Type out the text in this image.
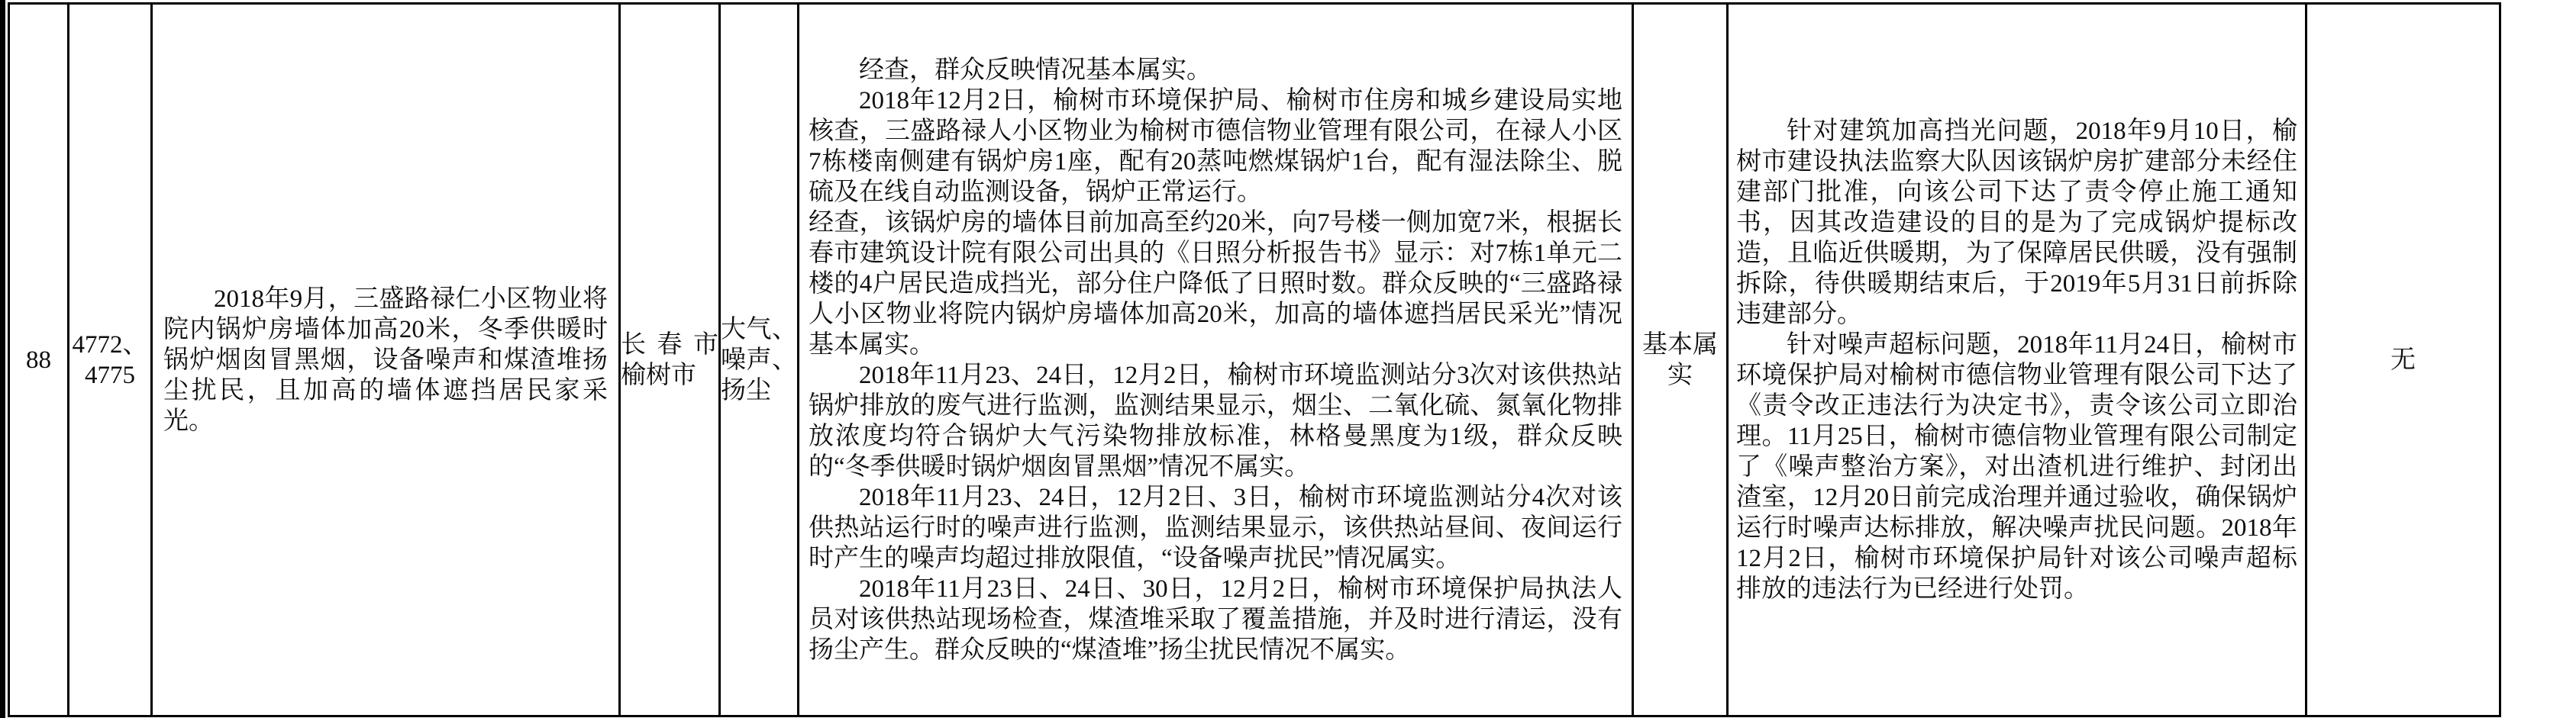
88
4772、4775

2018年9月，三盛路禄仁小区物业将院内锅炉房墙体加高20米，冬季供暖时锅炉烟囱冒黑烟，设备噪声和煤渣堆扬尘扰民，且加高的墙体遮挡居民家采光。

长春市榆树市
大气、噪声、扬尘

经查，群众反映情况基本属实。

2018年12月2日，榆树市环境保护局、榆树市住房和城乡建设局实地核查，三盛路禄人小区物业为榆树市德信物业管理有限公司，在禄人小区7栋楼南侧建有锅炉房1座，配有20蒸吨燃煤锅炉1台，配有湿法除尘、脱硫及在线自动监测设备，锅炉正常运行。

经查，该锅炉房的墙体目前加高至约20米，向7号楼一侧加宽7米，根据长春市建筑设计院有限公司出具的《日照分析报告书》显示：对7栋1单元二楼的4户居民造成挡光，部分住户降低了日照时数。群众反映的“三盛路禄人小区物业将院内锅炉房墙体加高20米，加高的墙体遮挡居民采光”情况基本属实。

2018年11月23、24日，12月2日，榆树市环境监测站分3次对该供热站锅炉排放的废气进行监测，监测结果显示，烟尘、二氧化硫、氮氧化物排放浓度均符合锅炉大气污染物排放标准，林格曼黑度为1级，群众反映的“冬季供暖时锅炉烟囱冒黑烟”情况不属实。

2018年11月23、24日，12月2日、3日，榆树市环境监测站分4次对该供热站运行时的噪声进行监测，监测结果显示，该供热站昼间、夜间运行时产生的噪声均超过排放限值，“设备噪声扰民”情况属实。

2018年11月23日、24日、30日，12月2日，榆树市环境保护局执法人员对该供热站现场检查，煤渣堆采取了覆盖措施，并及时进行清运，没有扬尘产生。群众反映的“煤渣堆”扬尘扰民情况不属实。

基本属实

针对建筑加高挡光问题，2018年9月10日，榆树市建设执法监察大队因该锅炉房扩建部分未经住建部门批准，向该公司下达了责令停止施工通知书，因其改造建设的目的是为了完成锅炉提标改造，且临近供暖期，为了保障居民供暖，没有强制拆除，待供暖期结束后，于2019年5月31日前拆除违建部分。

针对噪声超标问题，2018年11月24日，榆树市环境保护局对榆树市德信物业管理有限公司下达了《责令改正违法行为决定书》，责令该公司立即治理。11月25日，榆树市德信物业管理有限公司制定了《噪声整治方案》，对出渣机进行维护、封闭出渣室，12月20日前完成治理并通过验收，确保锅炉运行时噪声达标排放，解决噪声扰民问题。2018年12月2日，榆树市环境保护局针对该公司噪声超标排放的违法行为已经进行处罚。

无
